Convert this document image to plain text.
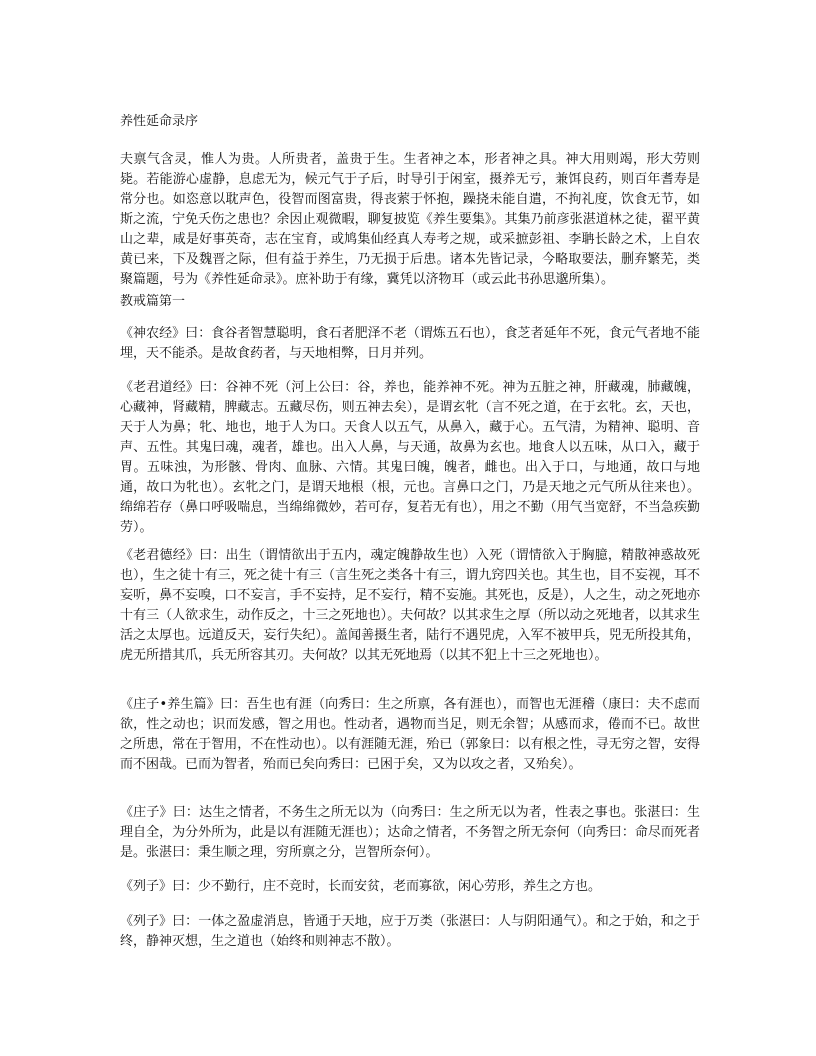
养性延命录序

夫禀气含灵，惟人为贵。人所贵者，盖贵于生。生者神之本，形者神之具。神大用则竭，形大劳则毙。若能游心虚静，息虑无为，候元气于子后，时导引于闲室，摄养无亏，兼饵良药，则百年耆寿是常分也。如恣意以耽声色，役智而图富贵，得丧萦于怀抱，躁挠未能自遣，不拘礼度，饮食无节，如斯之流，宁免夭伤之患也？余因止观微暇，聊复披览《养生要集》。其集乃前彦张湛道林之徒，翟平黄山之辈，咸是好事英奇，志在宝育，或鸠集仙经真人寿考之规，或采摭彭祖、李聃长龄之术，上自农黄已来，下及魏晋之际，但有益于养生，乃无损于后患。诸本先皆记录，今略取要法，删弃繁芜，类聚篇题，号为《养性延命录》。庶补助于有缘，冀凭以济物耳（或云此书孙思邈所集）。

教戒篇第一

《神农经》曰：食谷者智慧聪明，食石者肥泽不老（谓炼五石也），食芝者延年不死，食元气者地不能埋，天不能杀。是故食药者，与天地相弊，日月并列。

《老君道经》曰：谷神不死（河上公曰：谷，养也，能养神不死。神为五脏之神，肝藏魂，肺藏魄，心藏神，肾藏精，脾藏志。五藏尽伤，则五神去矣），是谓玄牝（言不死之道，在于玄牝。玄，天也，天于人为鼻；牝、地也，地于人为口。天食人以五气，从鼻入，藏于心。五气清，为精神、聪明、音声、五性。其鬼曰魂，魂者，雄也。出入人鼻，与天通，故鼻为玄也。地食人以五味，从口入，藏于胃。五味浊，为形骸、骨肉、血脉、六情。其鬼曰魄，魄者，雌也。出入于口，与地通，故口与地通，故口为牝也）。玄牝之门，是谓天地根（根，元也。言鼻口之门，乃是天地之元气所从往来也）。绵绵若存（鼻口呼吸喘息，当绵绵微妙，若可存，复若无有也），用之不勤（用气当宽舒，不当急疾勤劳）。

《老君德经》曰：出生（谓情欲出于五内，魂定魄静故生也）入死（谓情欲入于胸臆，精散神惑故死也），生之徒十有三，死之徒十有三（言生死之类各十有三，谓九窍四关也。其生也，目不妄视，耳不妄听，鼻不妄嗅，口不妄言，手不妄持，足不妄行，精不妄施。其死也，反是），人之生，动之死地亦十有三（人欲求生，动作反之，十三之死地也）。夫何故？以其求生之厚（所以动之死地者，以其求生活之太厚也。远道反天，妄行失纪）。盖闻善摄生者，陆行不遇兕虎，入军不被甲兵，兕无所投其角，虎无所措其爪，兵无所容其刃。夫何故？以其无死地焉（以其不犯上十三之死地也）。

《庄子•养生篇》曰：吾生也有涯（向秀曰：生之所禀，各有涯也），而智也无涯稽（康曰：夫不虑而欲，性之动也；识而发感，智之用也。性动者，遇物而当足，则无余智；从感而求，倦而不已。故世之所患，常在于智用，不在性动也）。以有涯随无涯，殆已（郭象曰：以有根之性，寻无穷之智，安得而不困哉。已而为智者，殆而已矣向秀曰：已困于矣，又为以攻之者，又殆矣）。

《庄子》曰：达生之情者，不务生之所无以为（向秀曰：生之所无以为者，性表之事也。张湛曰：生理自全，为分外所为，此是以有涯随无涯也）；达命之情者，不务智之所无奈何（向秀曰：命尽而死者是。张湛曰：秉生顺之理，穷所禀之分，岂智所奈何）。

《列子》曰：少不勤行，庄不竞时，长而安贫，老而寡欲，闲心劳形，养生之方也。

《列子》曰：一体之盈虚消息，皆通于天地，应于万类（张湛曰：人与阴阳通气）。和之于始，和之于终，静神灭想，生之道也（始终和则神志不散）。
